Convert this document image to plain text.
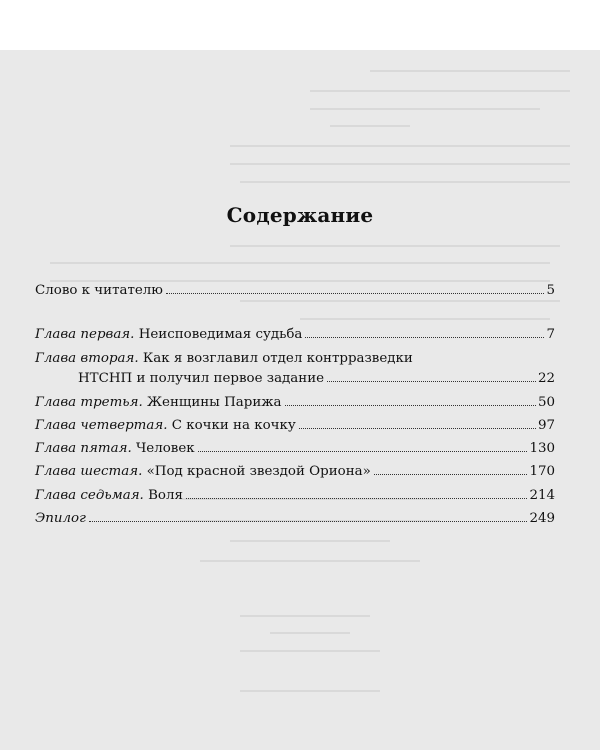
Содержание
Слово к читателю	5
Глава первая. Неисповедимая судьба	7
Глава вторая. Как я возглавил отдел контрразведки
НТСНП и получил первое задание	22
Глава третья. Женщины Парижа	50
Глава четвертая. С кочки на кочку	97
Глава пятая. Человек	130
Глава шестая. «Под красной звездой Ориона»	170
Глава седьмая. Воля	214
Эпилог	249
